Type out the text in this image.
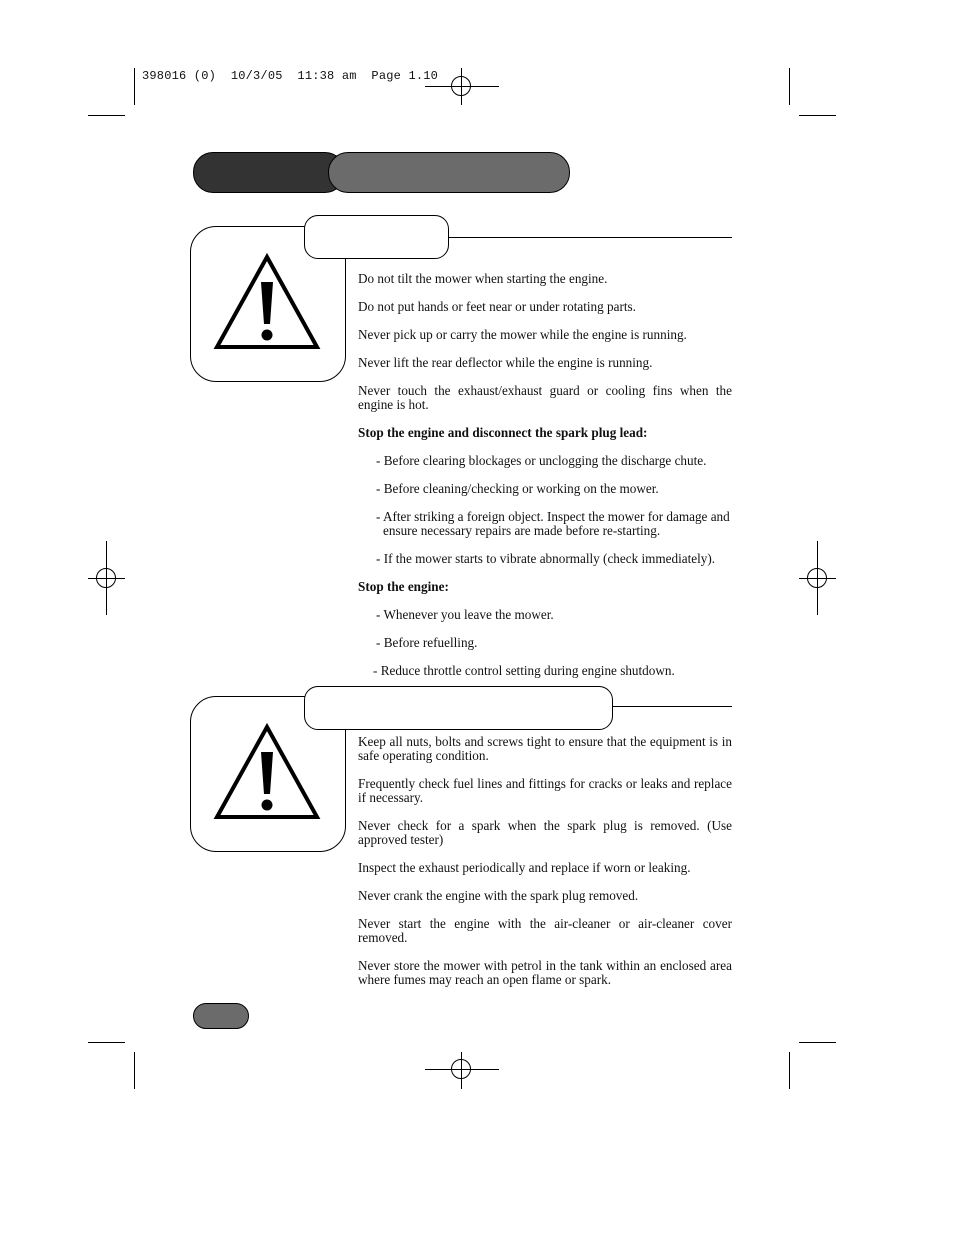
398016 (0)  10/3/05  11:38 am  Page 1.10

Do not tilt the mower when starting the engine.

Do not put hands or feet near or under rotating parts.

Never pick up or carry the mower while the engine is running.

Never lift the rear deflector while the engine is running.

Never touch the exhaust/exhaust guard or cooling fins when the engine is hot.

Stop the engine and disconnect the spark plug lead:

- Before clearing blockages or unclogging the discharge chute.

- Before cleaning/checking or working on the mower.

- After striking a foreign object. Inspect the mower for damage and ensure necessary repairs are made before re-starting.

- If the mower starts to vibrate abnormally (check immediately).

Stop the engine:

- Whenever you leave the mower.

- Before refuelling.

- Reduce throttle control setting during engine shutdown.

Keep all nuts, bolts and screws tight to ensure that the equipment is in safe operating condition.

Frequently check fuel lines and fittings for cracks or leaks and replace if necessary.

Never check for a spark when the spark plug is removed. (Use approved tester)

Inspect the exhaust periodically and replace if worn or leaking.

Never crank the engine with the spark plug removed.

Never start the engine with the air-cleaner or air-cleaner cover removed.

Never store the mower with petrol in the tank within an enclosed area where fumes may reach an open flame or spark.
